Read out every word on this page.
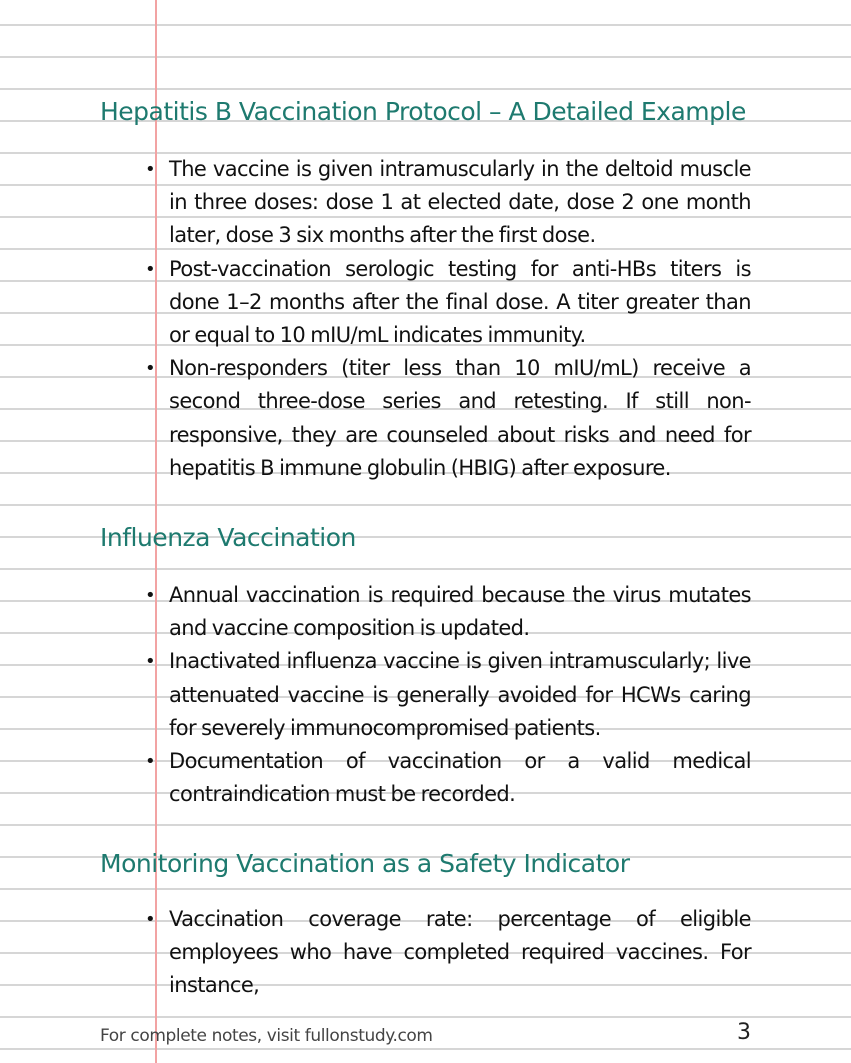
Hepatitis B Vaccination Protocol – A Detailed Example
• The vaccine is given intramuscularly in the deltoid muscle in three doses: dose 1 at elected date, dose 2 one month later, dose 3 six months after the first dose.
• Post-vaccination serologic testing for anti-HBs titers is done 1–2 months after the final dose. A titer greater than or equal to 10 mIU/mL indicates immunity.
• Non-responders (titer less than 10 mIU/mL) receive a second three-dose series and retesting. If still non-responsive, they are counseled about risks and need for hepatitis B immune globulin (HBIG) after exposure.
Influenza Vaccination
• Annual vaccination is required because the virus mutates and vaccine composition is updated.
• Inactivated influenza vaccine is given intramuscularly; live attenuated vaccine is generally avoided for HCWs caring for severely immunocompromised patients.
• Documentation of vaccination or a valid medical contraindication must be recorded.
Monitoring Vaccination as a Safety Indicator
• Vaccination coverage rate: percentage of eligible employees who have completed required vaccines. For instance,
For complete notes, visit fullonstudy.com	3
